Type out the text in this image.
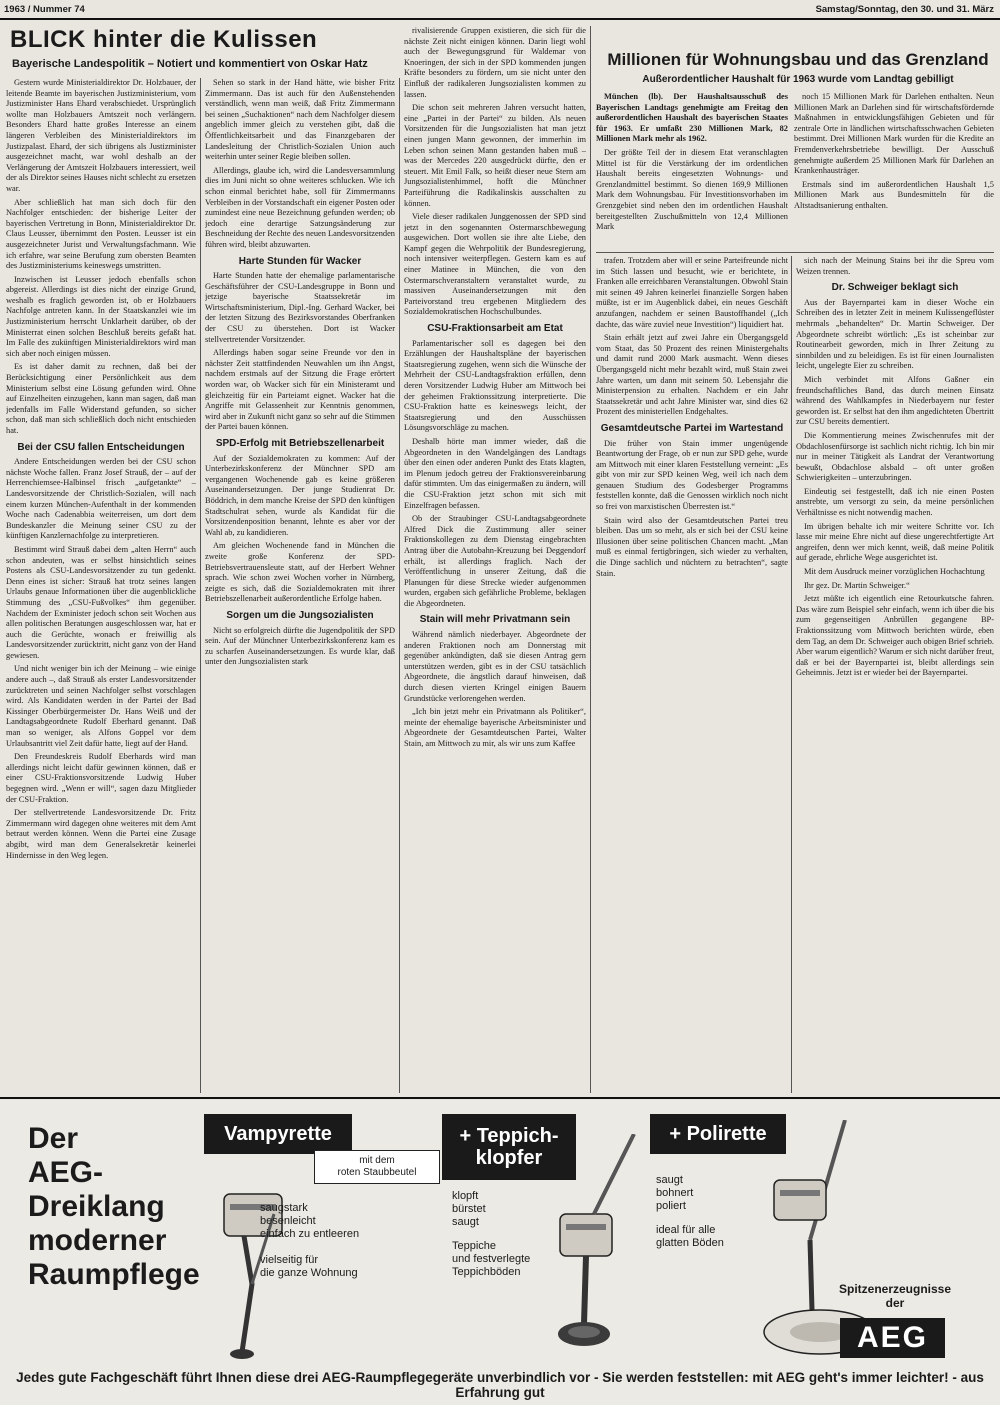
1963 / Nummer 74	Samstag/Sonntag, den 30. und 31. März
BLICK hinter die Kulissen
Bayerische Landespolitik – Notiert und kommentiert von Oskar Hatz

Gestern wurde Ministerialdirektor Dr. Holzbauer, der leitende Beamte im bayerischen Justizministerium, vom Justizminister Hans Ehard verabschiedet. Ursprünglich wollte man Holzbauers Amtszeit noch verlängern. Besonders Ehard hatte großes Interesse an einem längeren Verbleiben des Ministerialdirektors im Justizpalast. Ehard, der sich übrigens als Justizminister ausgezeichnet macht, war wohl deshalb an der Verlängerung der Amtszeit Holzbauers interessiert, weil der als Direktor seines Hauses nicht schlecht zu ersetzen war.

Aber schließlich hat man sich doch für den Nachfolger entschieden: der bisherige Leiter der bayerischen Vertretung in Bonn, Ministerialdirektor Dr. Claus Leusser, übernimmt den Posten. Leusser ist ein ausgezeichneter Jurist und Verwaltungsfachmann. Wie ich erfahre, war seine Berufung zum obersten Beamten des Justizministeriums keineswegs umstritten.

Inzwischen ist Leusser jedoch ebenfalls schon abgereist. Allerdings ist dies nicht der einzige Grund, weshalb es fraglich geworden ist, ob er Holzbauers Nachfolge antreten kann. In der Staatskanzlei wie im Justizministerium herrscht Unklarheit darüber, ob der Ministerrat einen solchen Beschluß bereits gefaßt hat. Im Falle des zukünftigen Ministerialdirektors wird man sich aber noch einigen müssen.

Es ist daher damit zu rechnen, daß bei der Berücksichtigung einer Persönlichkeit aus dem Ministerium selbst eine Lösung gefunden wird. Ohne auf Einzelheiten einzugehen, kann man sagen, daß man jedenfalls im Falle Widerstand gefunden, so sicher schon, daß man sich schließlich doch nicht entschieden hat.

Bei der CSU fallen Entscheidungen

Andere Entscheidungen werden bei der CSU schon nächste Woche fallen. Franz Josef Strauß, der – auf der Herrenchiemsee-Halbinsel frisch „aufgetankte“ – Landesvorsitzende der Christlich-Sozialen, will nach einem kurzen München-Aufenthalt in der kommenden Woche nach Cadenabbia weiterreisen, um dort dem Bundeskanzler die Meinung seiner CSU zu der künftigen Kanzlernachfolge zu interpretieren.

Bestimmt wird Strauß dabei dem „alten Herrn“ auch schon andeuten, was er selbst hinsichtlich seines Postens als CSU-Landesvorsitzender zu tun gedenkt. Denn eines ist sicher: Strauß hat trotz seines langen Urlaubs genaue Informationen über die augenblickliche Stimmung des „CSU-Fußvolkes“ ihm gegenüber. Nachdem der Exminister jedoch schon seit Wochen aus allen politischen Beratungen ausgeschlossen war, hat er auch die Gerüchte, wonach er freiwillig als Landesvorsitzender zurücktritt, nicht ganz von der Hand gewiesen.

Und nicht weniger bin ich der Meinung – wie einige andere auch –, daß Strauß als erster Landesvorsitzender zurücktreten und seinen Nachfolger selbst vorschlagen wird. Als Kandidaten werden in der Partei der Bad Kissinger Oberbürgermeister Dr. Hans Weiß und der Landtagsabgeordnete Rudolf Eberhard genannt. Daß man so weniger, als Alfons Goppel vor dem Urlaubsantritt viel Zeit dafür hatte, liegt auf der Hand.

Den Freundeskreis Rudolf Eberhards wird man allerdings nicht leicht dafür gewinnen können, daß er einer CSU-Fraktionsvorsitzende Ludwig Huber begegnen wird. „Wenn er will“, sagen dazu Mitglieder der CSU-Fraktion.

Der stellvertretende Landesvorsitzende Dr. Fritz Zimmermann wird dagegen ohne weiteres mit dem Amt betraut werden können. Wenn die Partei eine Zusage abgibt, wird man dem Generalsekretär keinerlei Hindernisse in den Weg legen.

Sehen so stark in der Hand hätte, wie bisher Fritz Zimmermann. Das ist auch für den Außenstehenden verständlich, wenn man weiß, daß Fritz Zimmermann bei seinen „Suchaktionen“ nach dem Nachfolger diesem angeblich immer gleich zu verstehen gibt, daß die Öffentlichkeitsarbeit und das Finanzgebaren der Landesleitung der Christlich-Sozialen Union auch weiterhin unter seiner Regie bleiben sollen.

Allerdings, glaube ich, wird die Landesversammlung dies im Juni nicht so ohne weiteres schlucken. Wie ich schon einmal berichtet habe, soll für Zimmermanns Verbleiben in der Vorstandschaft ein eigener Posten oder zumindest eine neue Bezeichnung gefunden werden; ob jedoch eine derartige Satzungsänderung zur Beschneidung der Rechte des neuen Landesvorsitzenden führen wird, bleibt abzuwarten.

Harte Stunden für Wacker

Harte Stunden hatte der ehemalige parlamentarische Geschäftsführer der CSU-Landesgruppe in Bonn und jetzige bayerische Staatssekretär im Wirtschaftsministerium, Dipl.-Ing. Gerhard Wacker, bei der letzten Sitzung des Bezirksvorstandes Oberfranken der CSU zu überstehen. Dort ist Wacker stellvertretender Vorsitzender.

Allerdings haben sogar seine Freunde vor den in nächster Zeit stattfindenden Neuwahlen um ihn Angst, nachdem erstmals auf der Sitzung die Frage erörtert worden war, ob Wacker sich für ein Ministeramt und gleichzeitig für ein Parteiamt eignet. Wacker hat die Angriffe mit Gelassenheit zur Kenntnis genommen, wird aber in Zukunft nicht ganz so sehr auf die Stimmen der Partei bauen können.

SPD-Erfolg mit Betriebszellenarbeit

Auf der Sozialdemokraten zu kommen: Auf der Unterbezirkskonferenz der Münchner SPD am vergangenen Wochenende gab es keine größeren Auseinandersetzungen. Der junge Studienrat Dr. Böddrich, in dem manche Kreise der SPD den künftigen Stadtschulrat sehen, wurde als Kandidat für die Vorsitzendenposition benannt, lehnte es aber vor der Wahl ab, zu kandidieren.

Am gleichen Wochenende fand in München die zweite große Konferenz der SPD-Betriebsvertrauensleute statt, auf der Herbert Wehner sprach. Wie schon zwei Wochen vorher in Nürnberg, zeigte es sich, daß die Sozialdemokraten mit ihrer Betriebszellenarbeit außerordentliche Erfolge haben.

Sorgen um die Jungsozialisten

Nicht so erfolgreich dürfte die Jugendpolitik der SPD sein. Auf der Münchner Unterbezirkskonferenz kam es zu scharfen Auseinandersetzungen. Es wurde klar, daß unter den Jungsozialisten stark

rivalisierende Gruppen existieren, die sich für die nächste Zeit nicht einigen können. Darin liegt wohl auch der Bewegungsgrund für Waldemar von Knoeringen, der sich in der SPD kommenden jungen Kräfte besonders zu fördern, um sie nicht unter den Einfluß der radikaleren Jungsozialisten kommen zu lassen.

Die schon seit mehreren Jahren versucht hatten, eine „Partei in der Partei“ zu bilden. Als neuen Vorsitzenden für die Jungsozialisten hat man jetzt einen jungen Mann gewonnen, der immerhin im Leben schon seinen Mann gestanden haben muß – was der Mercedes 220 ausgedrückt dürfte, den er steuert. Mit Emil Falk, so heißt dieser neue Stern am Jungsozialistenhimmel, hofft die Münchner Parteiführung die Radikalinskis ausschalten zu können.

Viele dieser radikalen Junggenossen der SPD sind jetzt in den sogenannten Ostermarschbewegung ausgewichen. Dort wollen sie ihre alte Liebe, den Kampf gegen die Wehrpolitik der Bundesregierung, noch intensiver weiterpflegen. Gestern kam es auf einer Matinee in München, die von den Ostermarschveranstaltern veranstaltet wurde, zu massiven Auseinandersetzungen mit den Parteivorstand treu ergebenen Mitgliedern des Sozialdemokratischen Hochschulbundes.

CSU-Fraktionsarbeit am Etat

Parlamentarischer soll es dagegen bei den Erzählungen der Haushaltspläne der bayerischen Staatsregierung zugehen, wenn sich die Wünsche der Mehrheit der CSU-Landtagsfraktion erfüllen, denn deren Vorsitzender Ludwig Huber am Mittwoch bei der geheimen Fraktionssitzung interpretierte. Die CSU-Fraktion hatte es keineswegs leicht, der Staatsregierung und den Ausschüssen Lösungsvorschläge zu machen.

Deshalb hörte man immer wieder, daß die Abgeordneten in den Wandelgängen des Landtags über den einen oder anderen Punkt des Etats klagten, im Plenum jedoch getreu der Fraktionsvereinbarung dafür stimmten. Um das einigermaßen zu ändern, will die CSU-Fraktion jetzt schon mit sich mit Einzelfragen befassen.

Ob der Straubinger CSU-Landtagsabgeordnete Alfred Dick die Zustimmung aller seiner Fraktionskollegen zu dem Dienstag eingebrachten Antrag über die Autobahn-Kreuzung bei Deggendorf erhält, ist allerdings fraglich. Nach der Veröffentlichung in unserer Zeitung, daß die Planungen für diese Strecke wieder aufgenommen wurden, ergaben sich gefährliche Probleme, beklagen die Abgeordneten.

Stain will mehr Privatmann sein

Während nämlich niederbayer. Abgeordnete der anderen Fraktionen noch am Donnerstag mit gegenüber ankündigten, daß sie diesen Antrag gern unterstützen werden, gibt es in der CSU tatsächlich Abgeordnete, die ängstlich darauf hinweisen, daß durch diesen vierten Kringel einigen Bauern Grundstücke verlorengehen werden.

„Ich bin jetzt mehr ein Privatmann als Politiker“, meinte der ehemalige bayerische Arbeitsminister und Abgeordnete der Gesamtdeutschen Partei, Walter Stain, am Mittwoch zu mir, als wir uns zum Kaffee

Millionen für Wohnungsbau und das Grenzland
Außerordentlicher Haushalt für 1963 wurde vom Landtag gebilligt

München (lb). Der Haushaltsausschuß des Bayerischen Landtags genehmigte am Freitag den außerordentlichen Haushalt des bayerischen Staates für 1963. Er umfaßt 230 Millionen Mark, 82 Millionen Mark mehr als 1962.

Der größte Teil der in diesem Etat veranschlagten Mittel ist für die Verstärkung der im ordentlichen Haushalt bereits eingesetzten Wohnungs- und Grenzlandmittel bestimmt. So dienen 169,9 Millionen Mark dem Wohnungsbau. Für Investitionsvorhaben im Grenzgebiet sind neben den im ordentlichen Haushalt bereitgestellten Zuschußmitteln von 12,4 Millionen Mark

noch 15 Millionen Mark für Darlehen enthalten. Neun Millionen Mark an Darlehen sind für wirtschaftsfördernde Maßnahmen in entwicklungsfähigen Gebieten und für zentrale Orte in ländlichen wirtschaftsschwachen Gebieten bestimmt. Drei Millionen Mark wurden für die Kredite an Fremdenverkehrsbetriebe bewilligt. Der Ausschuß genehmigte außerdem 25 Millionen Mark für Darlehen an Krankenhausträger.

Erstmals sind im außerordentlichen Haushalt 1,5 Millionen Mark aus Bundesmitteln für die Altstadtsanierung enthalten.

trafen. Trotzdem aber will er seine Parteifreunde nicht im Stich lassen und besucht, wie er berichtete, in Franken alle erreichbaren Veranstaltungen. Obwohl Stain mit seinen 49 Jahren keinerlei finanzielle Sorgen haben müßte, ist er im Augenblick dabei, ein neues Geschäft anzufangen, nachdem er seinen Baustoffhandel („Ich dachte, das wäre zuviel neue Investition“) liquidiert hat.

Stain erhält jetzt auf zwei Jahre ein Übergangsgeld vom Staat, das 50 Prozent des reinen Ministergehalts und damit rund 2000 Mark ausmacht. Wenn dieses Übergangsgeld nicht mehr bezahlt wird, muß Stain zwei Jahre warten, um dann mit seinem 50. Lebensjahr die Ministerpension zu erhalten. Nachdem er ein Jahr Staatssekretär und acht Jahre Minister war, sind dies 62 Prozent des ministeriellen Endgehaltes.

Gesamtdeutsche Partei im Wartestand

Die früher von Stain immer ungenügende Beantwortung der Frage, ob er nun zur SPD gehe, wurde am Mittwoch mit einer klaren Feststellung verneint: „Es gibt von mir zur SPD keinen Weg, weil ich nach dem genauen Studium des Godesberger Programms feststellen konnte, daß die Genossen wirklich noch nicht so frei von marxistischen Überresten ist.“

Stain wird also der Gesamtdeutschen Partei treu bleiben. Das um so mehr, als er sich bei der CSU keine Illusionen über seine politischen Chancen macht. „Man muß es einmal fertigbringen, sich wieder zu verhalten, die Dinge sachlich und nüchtern zu betrachten“, sagte Stain.

sich nach der Meinung Stains bei ihr die Spreu vom Weizen trennen.

Dr. Schweiger beklagt sich

Aus der Bayernpartei kam in dieser Woche ein Schreiben des in letzter Zeit in meinem Kulissengeflüster mehrmals „behandelten“ Dr. Martin Schweiger. Der Abgeordnete schreibt wörtlich: „Es ist scheinbar zur Routinearbeit geworden, mich in Ihrer Zeitung zu sinnbilden und zu beleidigen. Es ist für einen Journalisten leicht, ungelegte Eier zu schreiben.

Mich verbindet mit Alfons Gaßner ein freundschaftliches Band, das durch meinen Einsatz während des Wahlkampfes in Niederbayern nur fester geworden ist. Er selbst hat den ihm angedichteten Übertritt zur CSU bereits dementiert.

Die Kommentierung meines Zwischenrufes mit der Obdachlosenfürsorge ist sachlich nicht richtig. Ich bin mir nur in meiner Tätigkeit als Landrat der Verantwortung bewußt, Obdachlose alsbald – oft unter großen Schwierigkeiten – unterzubringen.

Eindeutig sei festgestellt, daß ich nie einen Posten anstrebte, um versorgt zu sein, da meine persönlichen Verhältnisse es nicht notwendig machen.

Im übrigen behalte ich mir weitere Schritte vor. Ich lasse mir meine Ehre nicht auf diese ungerechtfertigte Art angreifen, denn wer mich kennt, weiß, daß meine Politik auf gerade, ehrliche Wege ausgerichtet ist.

Mit dem Ausdruck meiner vorzüglichen Hochachtung

Ihr gez. Dr. Martin Schweiger.“

Jetzt müßte ich eigentlich eine Retourkutsche fahren. Das wäre zum Beispiel sehr einfach, wenn ich über die bis zum gegenseitigen Anbrüllen gegangene BP-Fraktionssitzung vom Mittwoch berichten würde, eben dem Tag, an dem Dr. Schweiger auch obigen Brief schrieb. Aber warum eigentlich? Warum er sich nicht darüber freut, daß er bei der Bayernpartei ist, bleibt allerdings sein Geheimnis. Jetzt ist er wieder bei der Bayernpartei.

Der
AEG-
Dreiklang
moderner
Raumpflege
Vampyrette
mit dem
roten Staubbeutel
saugstark
besenleicht
einfach zu entleeren
vielseitig für
die ganze Wohnung
+ Teppich-
klopfer
klopft
bürstet
saugt
Teppiche
und festverlegte
Teppichböden
+ Polirette
saugt
bohnert
poliert
ideal für alle
glatten Böden
Spitzenerzeugnisse
der
AEG
Jedes gute Fachgeschäft führt Ihnen diese drei AEG-Raumpflegegeräte unverbindlich vor - Sie werden feststellen: mit AEG geht's immer leichter! - aus Erfahrung gut
